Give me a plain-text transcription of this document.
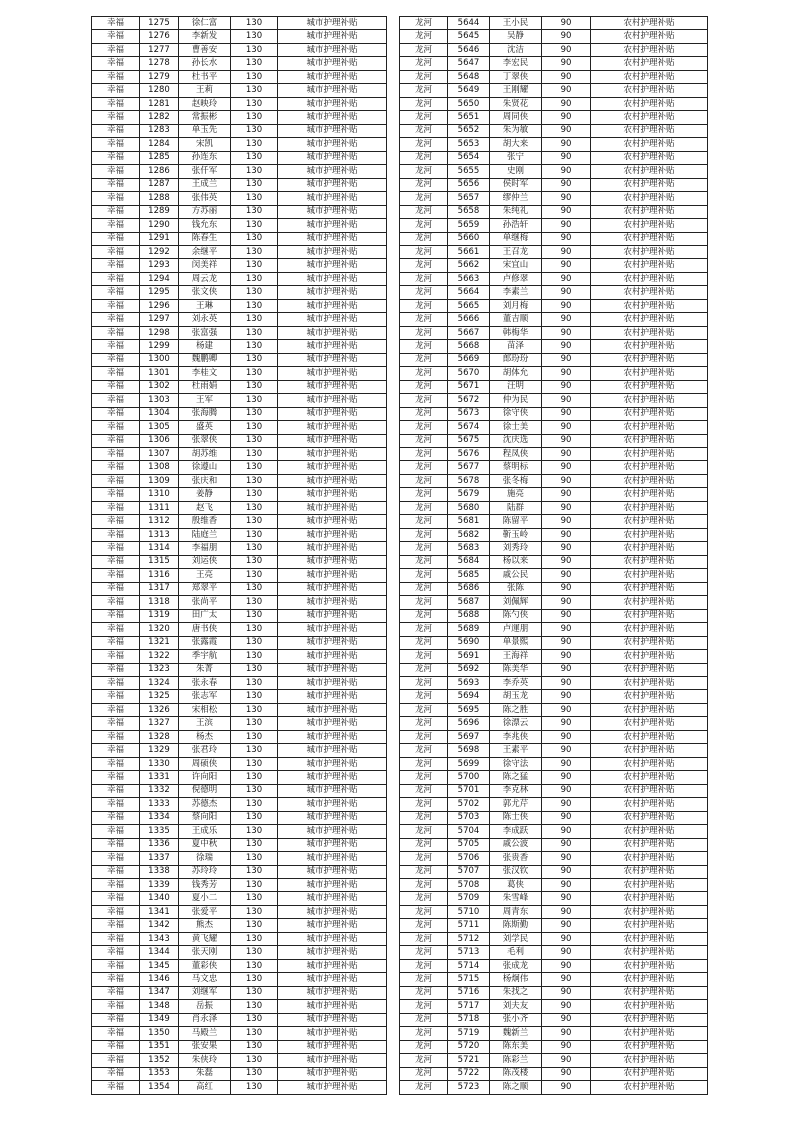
幸福	1275	徐仁富	130	城市护理补贴
幸福	1276	李新发	130	城市护理补贴
幸福	1277	曹善安	130	城市护理补贴
幸福	1278	孙长水	130	城市护理补贴
幸福	1279	杜书平	130	城市护理补贴
幸福	1280	王莉	130	城市护理补贴
幸福	1281	赵映玲	130	城市护理补贴
幸福	1282	常振彬	130	城市护理补贴
幸福	1283	单玉先	130	城市护理补贴
幸福	1284	宋凯	130	城市护理补贴
幸福	1285	孙连东	130	城市护理补贴
幸福	1286	张仟军	130	城市护理补贴
幸福	1287	王成兰	130	城市护理补贴
幸福	1288	张伟英	130	城市护理补贴
幸福	1289	方苏丽	130	城市护理补贴
幸福	1290	钱允东	130	城市护理补贴
幸福	1291	陈春生	130	城市护理补贴
幸福	1292	余继平	130	城市护理补贴
幸福	1293	闵美祥	130	城市护理补贴
幸福	1294	周云龙	130	城市护理补贴
幸福	1295	张文侠	130	城市护理补贴
幸福	1296	王琳	130	城市护理补贴
幸福	1297	刘永英	130	城市护理补贴
幸福	1298	张富强	130	城市护理补贴
幸福	1299	杨建	130	城市护理补贴
幸福	1300	魏鹏卿	130	城市护理补贴
幸福	1301	李桂文	130	城市护理补贴
幸福	1302	杜雨娟	130	城市护理补贴
幸福	1303	王军	130	城市护理补贴
幸福	1304	张海腾	130	城市护理补贴
幸福	1305	盛英	130	城市护理补贴
幸福	1306	张翠侠	130	城市护理补贴
幸福	1307	胡苏维	130	城市护理补贴
幸福	1308	徐遵山	130	城市护理补贴
幸福	1309	张庆和	130	城市护理补贴
幸福	1310	姜静	130	城市护理补贴
幸福	1311	赵飞	130	城市护理补贴
幸福	1312	殷维香	130	城市护理补贴
幸福	1313	陆庭兰	130	城市护理补贴
幸福	1314	李福朋	130	城市护理补贴
幸福	1315	刘运侠	130	城市护理补贴
幸福	1316	王亮	130	城市护理补贴
幸福	1317	郑翠平	130	城市护理补贴
幸福	1318	张尚平	130	城市护理补贴
幸福	1319	田广太	130	城市护理补贴
幸福	1320	唐书侠	130	城市护理补贴
幸福	1321	张露霞	130	城市护理补贴
幸福	1322	季宇航	130	城市护理补贴
幸福	1323	朱菁	130	城市护理补贴
幸福	1324	张永春	130	城市护理补贴
幸福	1325	张志军	130	城市护理补贴
幸福	1326	宋相松	130	城市护理补贴
幸福	1327	王滨	130	城市护理补贴
幸福	1328	杨杰	130	城市护理补贴
幸福	1329	张君玲	130	城市护理补贴
幸福	1330	周硕侠	130	城市护理补贴
幸福	1331	许向阳	130	城市护理补贴
幸福	1332	倪德明	130	城市护理补贴
幸福	1333	苏德杰	130	城市护理补贴
幸福	1334	蔡向阳	130	城市护理补贴
幸福	1335	王成乐	130	城市护理补贴
幸福	1336	夏中秋	130	城市护理补贴
幸福	1337	徐瑞	130	城市护理补贴
幸福	1338	苏玲玲	130	城市护理补贴
幸福	1339	钱秀芳	130	城市护理补贴
幸福	1340	夏小二	130	城市护理补贴
幸福	1341	张爱平	130	城市护理补贴
幸福	1342	熊杰	130	城市护理补贴
幸福	1343	黄飞耀	130	城市护理补贴
幸福	1344	张天刚	130	城市护理补贴
幸福	1345	董彩侠	130	城市护理补贴
幸福	1346	马文忠	130	城市护理补贴
幸福	1347	刘继军	130	城市护理补贴
幸福	1348	岳振	130	城市护理补贴
幸福	1349	肖永泽	130	城市护理补贴
幸福	1350	马殿兰	130	城市护理补贴
幸福	1351	张安果	130	城市护理补贴
幸福	1352	朱侠玲	130	城市护理补贴
幸福	1353	朱磊	130	城市护理补贴
幸福	1354	高红	130	城市护理补贴
龙河	5644	王小民	90	农村护理补贴
龙河	5645	吴静	90	农村护理补贴
龙河	5646	沈洁	90	农村护理补贴
龙河	5647	李宏民	90	农村护理补贴
龙河	5648	丁翠侠	90	农村护理补贴
龙河	5649	王刚耀	90	农村护理补贴
龙河	5650	朱贤花	90	农村护理补贴
龙河	5651	周同侠	90	农村护理补贴
龙河	5652	朱为敏	90	农村护理补贴
龙河	5653	胡大来	90	农村护理补贴
龙河	5654	张宁	90	农村护理补贴
龙河	5655	史刚	90	农村护理补贴
龙河	5656	侯时军	90	农村护理补贴
龙河	5657	缪仲兰	90	农村护理补贴
龙河	5658	朱纯礼	90	农村护理补贴
龙河	5659	孙浩轩	90	农村护理补贴
龙河	5660	单继梅	90	农村护理补贴
龙河	5661	王召龙	90	农村护理补贴
龙河	5662	宋宜山	90	农村护理补贴
龙河	5663	卢修翠	90	农村护理补贴
龙河	5664	李素兰	90	农村护理补贴
龙河	5665	刘月梅	90	农村护理补贴
龙河	5666	董吉顺	90	农村护理补贴
龙河	5667	韩梅华	90	农村护理补贴
龙河	5668	苗泽	90	农村护理补贴
龙河	5669	郎玢玢	90	农村护理补贴
龙河	5670	胡体允	90	农村护理补贴
龙河	5671	汪明	90	农村护理补贴
龙河	5672	仲为民	90	农村护理补贴
龙河	5673	徐守侠	90	农村护理补贴
龙河	5674	徐士美	90	农村护理补贴
龙河	5675	沈庆选	90	农村护理补贴
龙河	5676	程凤侠	90	农村护理补贴
龙河	5677	蔡明标	90	农村护理补贴
龙河	5678	张冬梅	90	农村护理补贴
龙河	5679	施亮	90	农村护理补贴
龙河	5680	陆群	90	农村护理补贴
龙河	5681	陈留平	90	农村护理补贴
龙河	5682	靳玉岭	90	农村护理补贴
龙河	5683	刘秀玲	90	农村护理补贴
龙河	5684	杨以来	90	农村护理补贴
龙河	5685	戚公民	90	农村护理补贴
龙河	5686	张陈	90	农村护理补贴
龙河	5687	刘佩辉	90	农村护理补贴
龙河	5688	陈勺侠	90	农村护理补贴
龙河	5689	卢運朋	90	农村护理补贴
龙河	5690	单景熙	90	农村护理补贴
龙河	5691	王海祥	90	农村护理补贴
龙河	5692	陈美华	90	农村护理补贴
龙河	5693	李乔英	90	农村护理补贴
龙河	5694	胡玉龙	90	农村护理补贴
龙河	5695	陈之胜	90	农村护理补贴
龙河	5696	徐漂云	90	农村护理补贴
龙河	5697	李兆侠	90	农村护理补贴
龙河	5698	王素平	90	农村护理补贴
龙河	5699	徐守法	90	农村护理补贴
龙河	5700	陈之猛	90	农村护理补贴
龙河	5701	李克林	90	农村护理补贴
龙河	5702	郭尤芹	90	农村护理补贴
龙河	5703	陈士侠	90	农村护理补贴
龙河	5704	李成跃	90	农村护理补贴
龙河	5705	戚公波	90	农村护理补贴
龙河	5706	张贵香	90	农村护理补贴
龙河	5707	张汉钦	90	农村护理补贴
龙河	5708	葛侠	90	农村护理补贴
龙河	5709	朱雪峰	90	农村护理补贴
龙河	5710	周青东	90	农村护理补贴
龙河	5711	陈斯勤	90	农村护理补贴
龙河	5712	刘学民	90	农村护理补贴
龙河	5713	毛利	90	农村护理补贴
龙河	5714	张成龙	90	农村护理补贴
龙河	5715	杨炯伟	90	农村护理补贴
龙河	5716	朱找之	90	农村护理补贴
龙河	5717	刘夫友	90	农村护理补贴
龙河	5718	张小齐	90	农村护理补贴
龙河	5719	魏新兰	90	农村护理补贴
龙河	5720	陈东美	90	农村护理补贴
龙河	5721	陈彩兰	90	农村护理补贴
龙河	5722	陈茂楼	90	农村护理补贴
龙河	5723	陈之顺	90	农村护理补贴
